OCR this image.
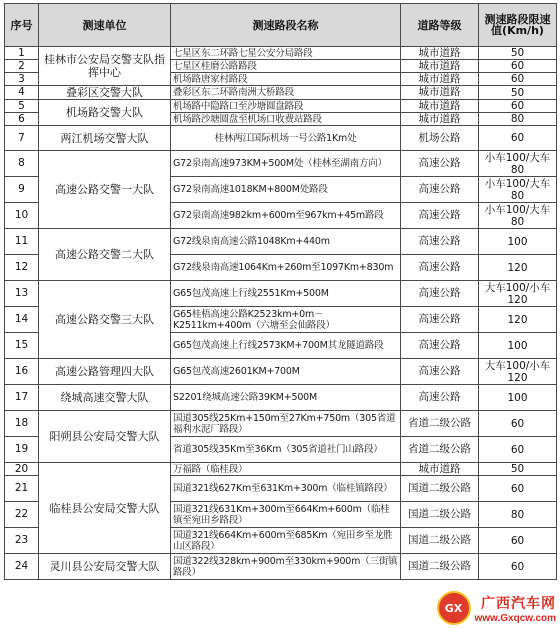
序号	测速单位	测速路段名称	道路等级	测速路段限速值(Km/h)
1	桂林市公安局交警支队指挥中心	七星区东二环路七星公安分局路段	城市道路	50
2		七星区桂磨公路路段	城市道路	60
3		机场路唐家村路段	城市道路	60
4	叠彩区交警大队	叠彩区东二环路南洲大桥路段	城市道路	50
5	机场路交警大队	机场路中隐路口至沙塘圆盘路段	城市道路	60
6		机场路沙塘圆盘至机场口收费站路段	城市道路	80
7	两江机场交警大队	桂林两江国际机场一号公路1Km处	机场公路	60
8	高速公路交警一大队	G72泉南高速973KM+500M处（桂林至湖南方向）	高速公路	小车100/大车80
9		G72泉南高速1018KM+800M处路段	高速公路	小车100/大车80
10		G72泉南高速982km+600m至967km+45m路段	高速公路	小车100/大车80
11	高速公路交警二大队	G72线泉南高速公路1048Km+440m	高速公路	100
12		G72线泉南高速1064Km+260m至1097Km+830m	高速公路	120
13	高速公路交警三大队	G65包茂高速上行线2551Km+500M	高速公路	大车100/小车120
14		G65桂梧高速公路K2523km+0m－K2511km+400m（六塘至会仙路段）	高速公路	120
15		G65包茂高速上行线2573KM+700M其龙隧道路段	高速公路	100
16	高速公路管理四大队	G65包茂高速2601KM+700M	高速公路	大车100/小车120
17	绕城高速交警大队	S2201绕城高速公路39KM+500M	高速公路	100
18	阳朔县公安局交警大队	国道305线25Km+150m至27Km+750m（305省道福利水泥厂路段）	省道二级公路	60
19		省道305线35Km至36Km（305省道社门山路段）	省道二级公路	60
20	临桂县公安局交警大队	万福路（临桂段）	城市道路	50
21		国道321线627Km至631Km+300m（临桂镇路段）	国道二级公路	60
22		国道321线631Km+300m至664Km+600m（临桂镇至宛田乡路段）	国道二级公路	80
23		国道321线664Km+600m至685Km（宛田乡至龙胜山区路段）	国道二级公路	60
24	灵川县公安局交警大队	国道322线328km+900m至330km+900m（三街镇路段）	国道二级公路	60
GX	广西汽车网
www.Gxqcw.com
